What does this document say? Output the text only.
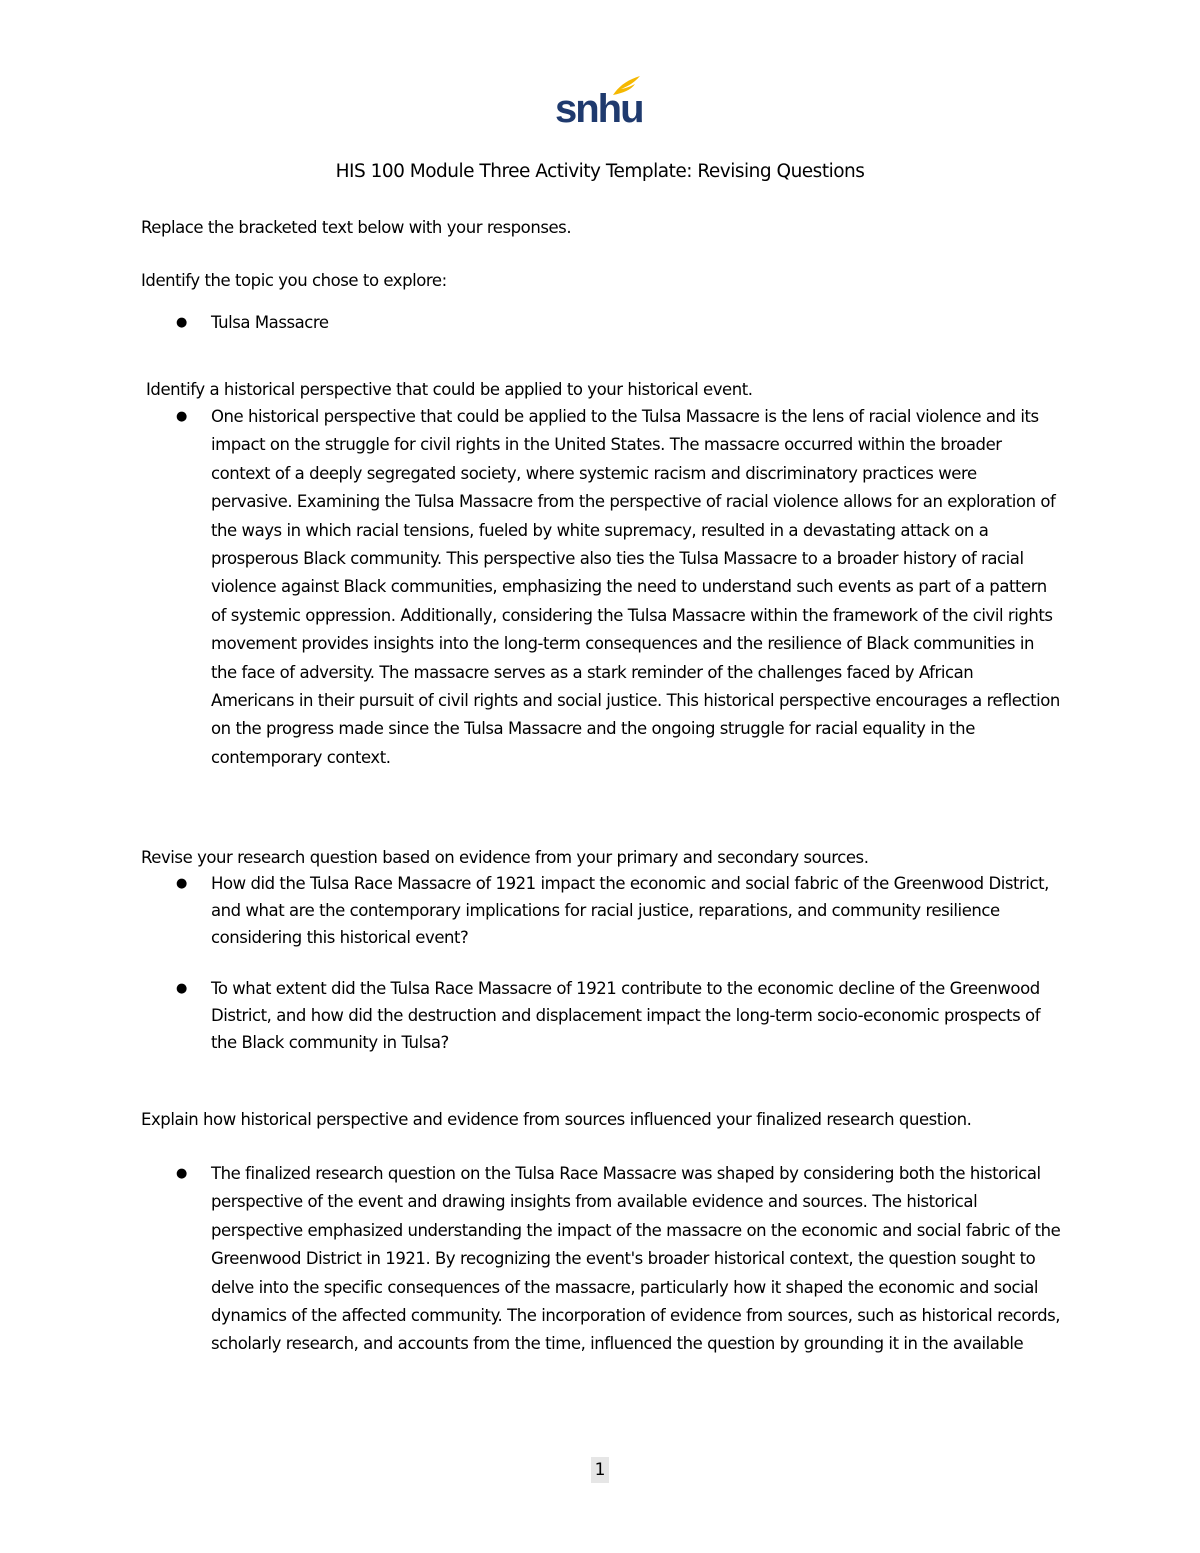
snhu
HIS 100 Module Three Activity Template: Revising Questions

Replace the bracketed text below with your responses.

Identify the topic you chose to explore:

● Tulsa Massacre

Identify a historical perspective that could be applied to your historical event.

● One historical perspective that could be applied to the Tulsa Massacre is the lens of racial violence and its impact on the struggle for civil rights in the United States. The massacre occurred within the broader context of a deeply segregated society, where systemic racism and discriminatory practices were pervasive. Examining the Tulsa Massacre from the perspective of racial violence allows for an exploration of the ways in which racial tensions, fueled by white supremacy, resulted in a devastating attack on a prosperous Black community. This perspective also ties the Tulsa Massacre to a broader history of racial violence against Black communities, emphasizing the need to understand such events as part of a pattern of systemic oppression. Additionally, considering the Tulsa Massacre within the framework of the civil rights movement provides insights into the long-term consequences and the resilience of Black communities in the face of adversity. The massacre serves as a stark reminder of the challenges faced by African Americans in their pursuit of civil rights and social justice. This historical perspective encourages a reflection on the progress made since the Tulsa Massacre and the ongoing struggle for racial equality in the contemporary context.

Revise your research question based on evidence from your primary and secondary sources.

● How did the Tulsa Race Massacre of 1921 impact the economic and social fabric of the Greenwood District, and what are the contemporary implications for racial justice, reparations, and community resilience considering this historical event?
● To what extent did the Tulsa Race Massacre of 1921 contribute to the economic decline of the Greenwood District, and how did the destruction and displacement impact the long-term socio-economic prospects of the Black community in Tulsa?

Explain how historical perspective and evidence from sources influenced your finalized research question.

● The finalized research question on the Tulsa Race Massacre was shaped by considering both the historical perspective of the event and drawing insights from available evidence and sources. The historical perspective emphasized understanding the impact of the massacre on the economic and social fabric of the Greenwood District in 1921. By recognizing the event's broader historical context, the question sought to delve into the specific consequences of the massacre, particularly how it shaped the economic and social dynamics of the affected community. The incorporation of evidence from sources, such as historical records, scholarly research, and accounts from the time, influenced the question by grounding it in the available
1
